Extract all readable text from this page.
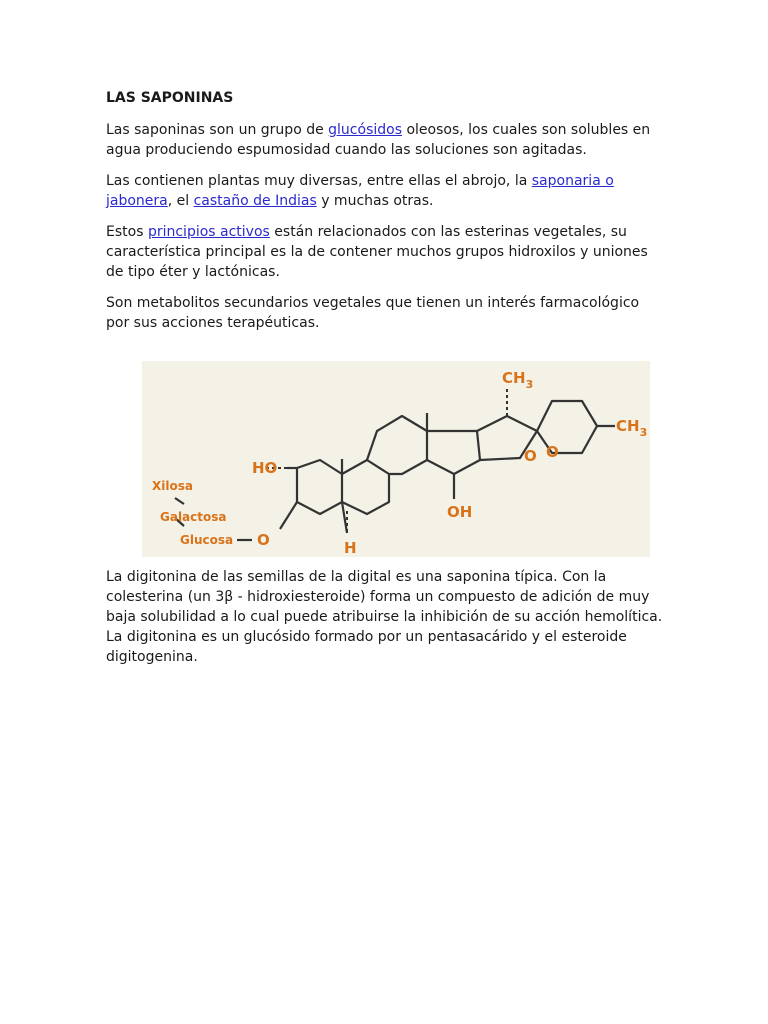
LAS SAPONINAS

Las saponinas son un grupo de glucósidos oleosos, los cuales son solubles en agua produciendo espumosidad cuando las soluciones son agitadas.

Las contienen plantas muy diversas, entre ellas el abrojo, la saponaria o jabonera, el castaño de Indias y muchas otras.

Estos principios activos están relacionados con las esterinas vegetales, su característica principal es la de contener muchos grupos hidroxilos y uniones de tipo éter y lactónicas.

Son metabolitos secundarios vegetales que tienen un interés farmacológico por sus acciones terapéuticas.

$CH_3$
$CH_3$
HO
OH
H
O O
O
Xilosa
Galactosa
Glucosa

La digitonina de las semillas de la digital es una saponina típica. Con la colesterina (un 3β - hidroxiesteroide) forma un compuesto de adición de muy baja solubilidad a lo cual puede atribuirse la inhibición de su acción hemolítica. La digitonina es un glucósido formado por un pentasacárido y el esteroide digitogenina.
